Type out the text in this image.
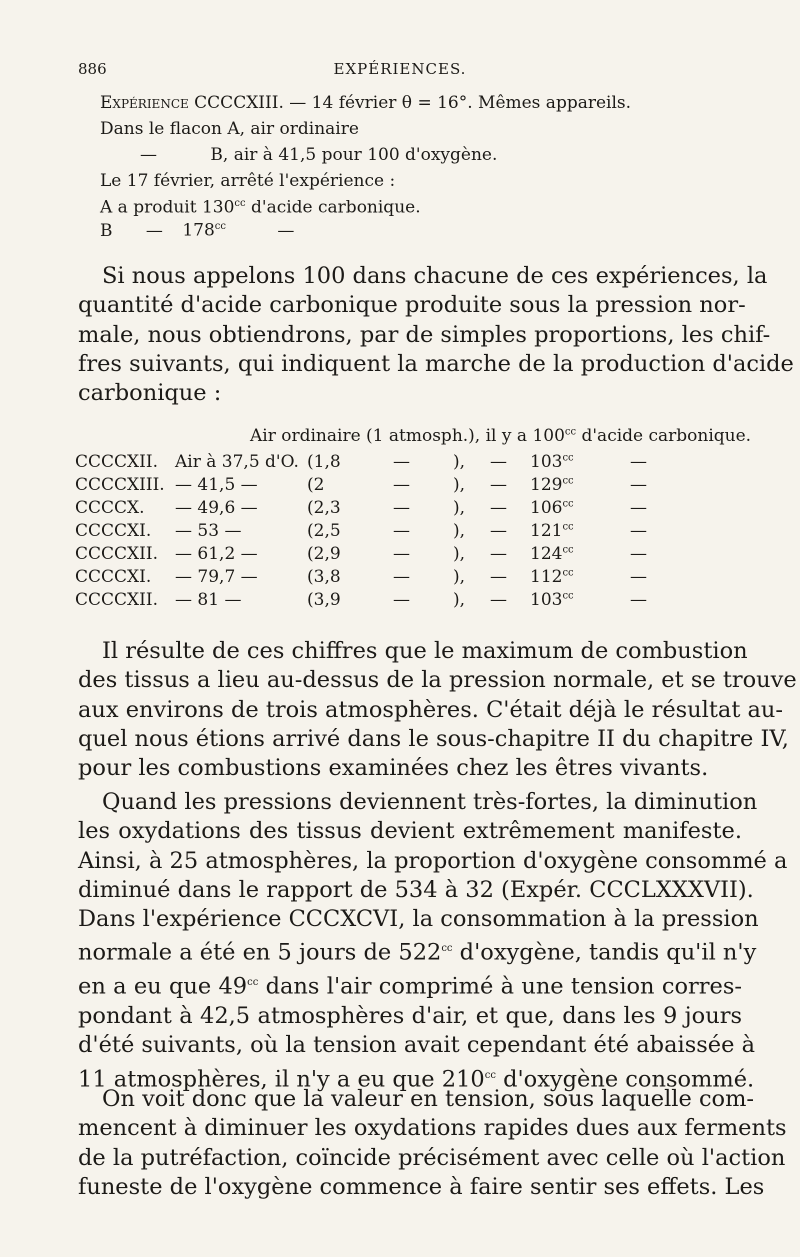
886	EXPÉRIENCES.
Expérience CCCCXIII. — 14 février θ = 16°. Mêmes appareils.
Dans le flacon A, air ordinaire
—	B, air à 41,5 pour 100 d'oxygène.
Le 17 février, arrêté l'expérience :
A a produit $130^{cc}$ d'acide carbonique.
B — $178^{cc}$	—
Si nous appelons 100 dans chacune de ces expériences, la
quantité d'acide carbonique produite sous la pression nor-
male, nous obtiendrons, par de simples proportions, les chif-
fres suivants, qui indiquent la marche de la production d'acide
carbonique :
Air ordinaire (1 atmosph.), il y a $100^{cc}$ d'acide carbonique.
CCCCXII. Air à 37,5 d'O. (1,8	—	), — $103^{cc}$	—
CCCCXIII. — 41,5 —	(2	—	), — $129^{cc}$	—
CCCCX. — 49,6 —	(2,3	—	), — $106^{cc}$	—
CCCCXI. — 53 —	(2,5	—	), — $121^{cc}$	—
CCCCXII. — 61,2 —	(2,9	—	), — $124^{cc}$	—
CCCCXI. — 79,7 —	(3,8	—	), — $112^{cc}$	—
CCCCXII. — 81 —	(3,9	—	), — $103^{cc}$	—
Il résulte de ces chiffres que le maximum de combustion
des tissus a lieu au-dessus de la pression normale, et se trouve
aux environs de trois atmosphères. C'était déjà le résultat au-
quel nous étions arrivé dans le sous-chapitre II du chapitre IV,
pour les combustions examinées chez les êtres vivants.
Quand les pressions deviennent très-fortes, la diminution
les oxydations des tissus devient extrêmement manifeste.
Ainsi, à 25 atmosphères, la proportion d'oxygène consommé a
diminué dans le rapport de 534 à 32 (Expér. CCCLXXXVII).
Dans l'expérience CCCXCVI, la consommation à la pression
normale a été en 5 jours de $522^{cc}$ d'oxygène, tandis qu'il n'y
en a eu que $49^{cc}$ dans l'air comprimé à une tension corres-
pondant à 42,5 atmosphères d'air, et que, dans les 9 jours
d'été suivants, où la tension avait cependant été abaissée à
11 atmosphères, il n'y a eu que $210^{cc}$ d'oxygène consommé.
On voit donc que la valeur en tension, sous laquelle com-
mencent à diminuer les oxydations rapides dues aux ferments
de la putréfaction, coïncide précisément avec celle où l'action
funeste de l'oxygène commence à faire sentir ses effets. Les
